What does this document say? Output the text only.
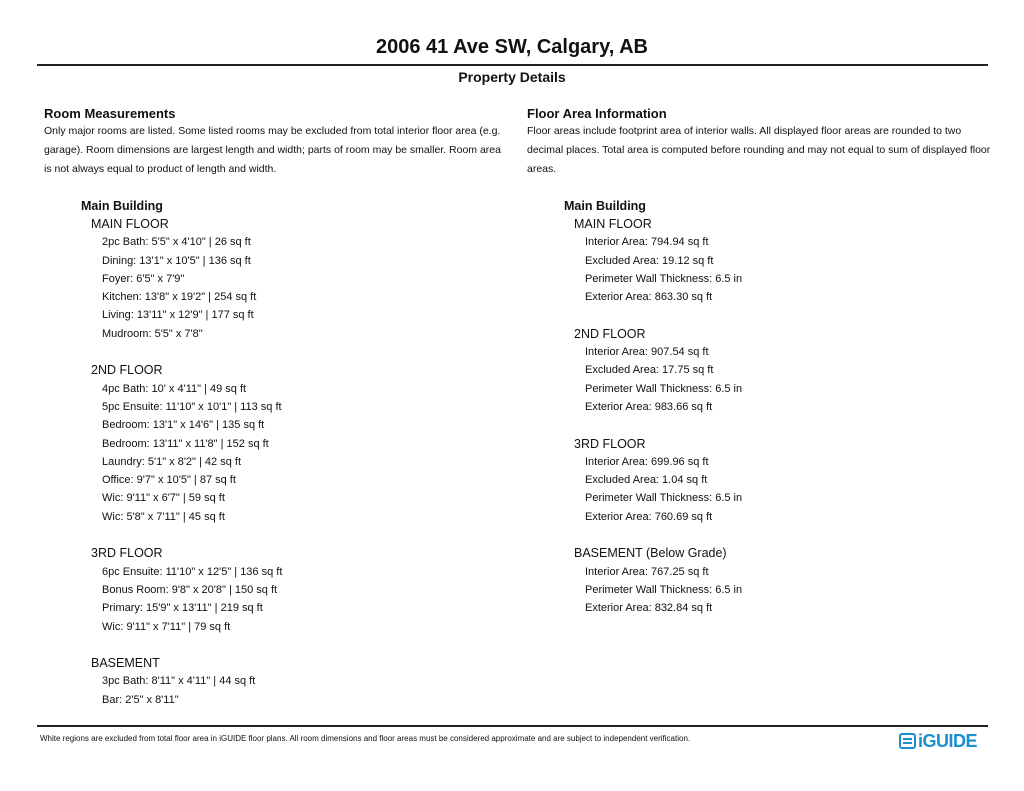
2006 41 Ave SW, Calgary, AB
Property Details

Room Measurements

Only major rooms are listed. Some listed rooms may be excluded from total interior floor area (e.g. garage). Room dimensions are largest length and width; parts of room may be smaller. Room area is not always equal to product of length and width.

Floor Area Information

Floor areas include footprint area of interior walls. All displayed floor areas are rounded to two decimal places. Total area is computed before rounding and may not equal to sum of displayed floor areas.

Main Building	Main Building
MAIN FLOOR
2pc Bath: 5'5" x 4'10" | 26 sq ft
Dining: 13'1" x 10'5" | 136 sq ft
Foyer: 6'5" x 7'9"
Kitchen: 13'8" x 19'2" | 254 sq ft
Living: 13'11" x 12'9" | 177 sq ft
Mudroom: 5'5" x 7'8"
2ND FLOOR
4pc Bath: 10' x 4'11" | 49 sq ft
5pc Ensuite: 11'10" x 10'1" | 113 sq ft
Bedroom: 13'1" x 14'6" | 135 sq ft
Bedroom: 13'11" x 11'8" | 152 sq ft
Laundry: 5'1" x 8'2" | 42 sq ft
Office: 9'7" x 10'5" | 87 sq ft
Wic: 9'11" x 6'7" | 59 sq ft
Wic: 5'8" x 7'11" | 45 sq ft
3RD FLOOR
6pc Ensuite: 11'10" x 12'5" | 136 sq ft
Bonus Room: 9'8" x 20'8" | 150 sq ft
Primary: 15'9" x 13'11" | 219 sq ft
Wic: 9'11" x 7'11" | 79 sq ft
BASEMENT
3pc Bath: 8'11" x 4'11" | 44 sq ft
Bar: 2'5" x 8'11"
MAIN FLOOR
Interior Area: 794.94 sq ft
Excluded Area: 19.12 sq ft
Perimeter Wall Thickness: 6.5 in
Exterior Area: 863.30 sq ft
2ND FLOOR
Interior Area: 907.54 sq ft
Excluded Area: 17.75 sq ft
Perimeter Wall Thickness: 6.5 in
Exterior Area: 983.66 sq ft
3RD FLOOR
Interior Area: 699.96 sq ft
Excluded Area: 1.04 sq ft
Perimeter Wall Thickness: 6.5 in
Exterior Area: 760.69 sq ft
BASEMENT (Below Grade)
Interior Area: 767.25 sq ft
Perimeter Wall Thickness: 6.5 in
Exterior Area: 832.84 sq ft
White regions are excluded from total floor area in iGUIDE floor plans. All room dimensions and floor areas must be considered approximate and are subject to independent verification.	iGUIDE
